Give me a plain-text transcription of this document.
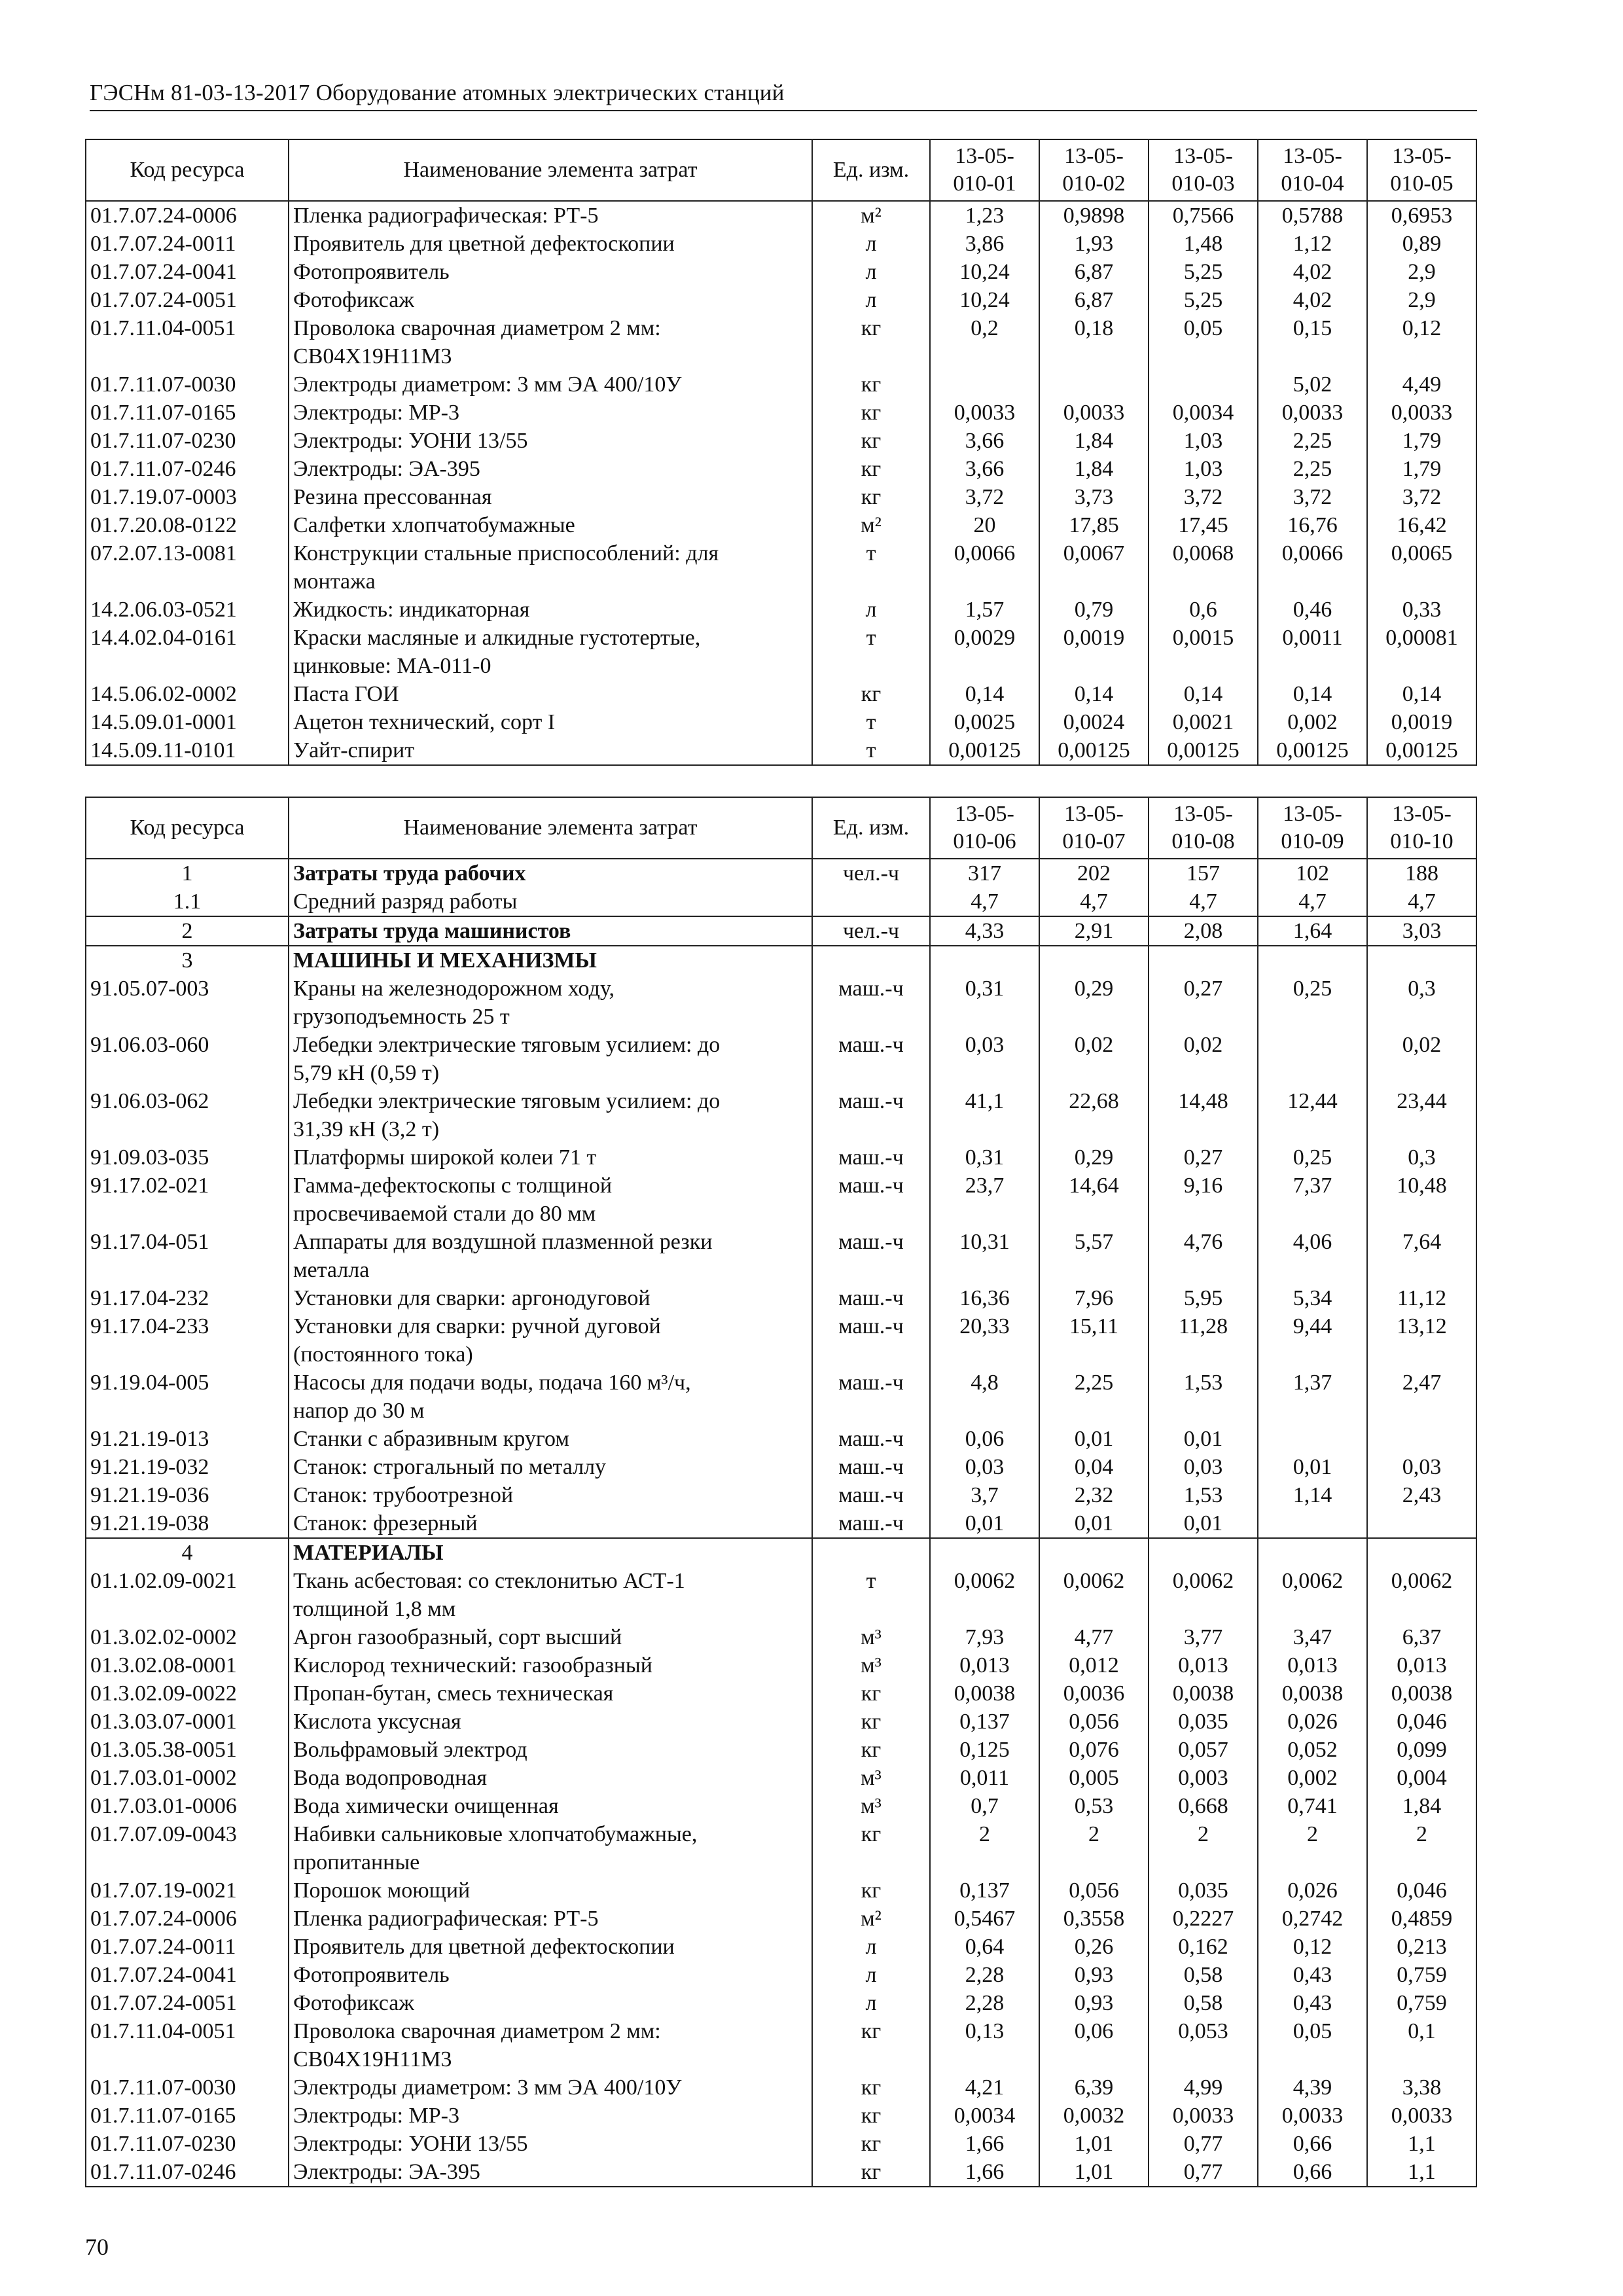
ГЭСНм 81-03-13-2017 Оборудование атомных электрических станций
Код ресурса	Наименование элемента затрат	Ед. изм.	13-05-
010-01	13-05-
010-02	13-05-
010-03	13-05-
010-04	13-05-
010-05
01.7.07.24-0006	Пленка радиографическая: РТ-5	м²	1,23	0,9898	0,7566	0,5788	0,6953
01.7.07.24-0011	Проявитель для цветной дефектоскопии	л	3,86	1,93	1,48	1,12	0,89
01.7.07.24-0041	Фотопроявитель	л	10,24	6,87	5,25	4,02	2,9
01.7.07.24-0051	Фотофиксаж	л	10,24	6,87	5,25	4,02	2,9
01.7.11.04-0051	Проволока сварочная диаметром 2 мм:
СВ04Х19Н11М3	кг	0,2	0,18	0,05	0,15	0,12
01.7.11.07-0030	Электроды диаметром: 3 мм ЭА 400/10У	кг				5,02	4,49
01.7.11.07-0165	Электроды: МР-3	кг	0,0033	0,0033	0,0034	0,0033	0,0033
01.7.11.07-0230	Электроды: УОНИ 13/55	кг	3,66	1,84	1,03	2,25	1,79
01.7.11.07-0246	Электроды: ЭА-395	кг	3,66	1,84	1,03	2,25	1,79
01.7.19.07-0003	Резина прессованная	кг	3,72	3,73	3,72	3,72	3,72
01.7.20.08-0122	Салфетки хлопчатобумажные	м²	20	17,85	17,45	16,76	16,42
07.2.07.13-0081	Конструкции стальные приспособлений: для
монтажа	т	0,0066	0,0067	0,0068	0,0066	0,0065
14.2.06.03-0521	Жидкость: индикаторная	л	1,57	0,79	0,6	0,46	0,33
14.4.02.04-0161	Краски масляные и алкидные густотертые,
цинковые: МА-011-0	т	0,0029	0,0019	0,0015	0,0011	0,00081
14.5.06.02-0002	Паста ГОИ	кг	0,14	0,14	0,14	0,14	0,14
14.5.09.01-0001	Ацетон технический, сорт I	т	0,0025	0,0024	0,0021	0,002	0,0019
14.5.09.11-0101	Уайт-спирит	т	0,00125	0,00125	0,00125	0,00125	0,00125
Код ресурса	Наименование элемента затрат	Ед. изм.	13-05-
010-06	13-05-
010-07	13-05-
010-08	13-05-
010-09	13-05-
010-10
1	Затраты труда рабочих	чел.-ч	317	202	157	102	188
1.1	Средний разряд работы		4,7	4,7	4,7	4,7	4,7
2	Затраты труда машинистов	чел.-ч	4,33	2,91	2,08	1,64	3,03
3	МАШИНЫ И МЕХАНИЗМЫ						

91.05.07-003	Краны на железнодорожном ходу,
грузоподъемность 25 т	маш.-ч	0,31	0,29	0,27	0,25	0,3
91.06.03-060	Лебедки электрические тяговым усилием: до
5,79 кН (0,59 т)	маш.-ч	0,03	0,02	0,02		0,02
91.06.03-062	Лебедки электрические тяговым усилием: до
31,39 кН (3,2 т)	маш.-ч	41,1	22,68	14,48	12,44	23,44
91.09.03-035	Платформы широкой колеи 71 т	маш.-ч	0,31	0,29	0,27	0,25	0,3
91.17.02-021	Гамма-дефектоскопы с толщиной
просвечиваемой стали до 80 мм	маш.-ч	23,7	14,64	9,16	7,37	10,48
91.17.04-051	Аппараты для воздушной плазменной резки
металла	маш.-ч	10,31	5,57	4,76	4,06	7,64
91.17.04-232	Установки для сварки: аргонодуговой	маш.-ч	16,36	7,96	5,95	5,34	11,12
91.17.04-233	Установки для сварки: ручной дуговой
(постоянного тока)	маш.-ч	20,33	15,11	11,28	9,44	13,12
91.19.04-005	Насосы для подачи воды, подача 160 м³/ч,
напор до 30 м	маш.-ч	4,8	2,25	1,53	1,37	2,47
91.21.19-013	Станки с абразивным кругом	маш.-ч	0,06	0,01	0,01		
91.21.19-032	Станок: строгальный по металлу	маш.-ч	0,03	0,04	0,03	0,01	0,03
91.21.19-036	Станок: трубоотрезной	маш.-ч	3,7	2,32	1,53	1,14	2,43
91.21.19-038	Станок: фрезерный	маш.-ч	0,01	0,01	0,01		
4	МАТЕРИАЛЫ						

01.1.02.09-0021	Ткань асбестовая: со стеклонитью АСТ-1
толщиной 1,8 мм	т	0,0062	0,0062	0,0062	0,0062	0,0062
01.3.02.02-0002	Аргон газообразный, сорт высший	м³	7,93	4,77	3,77	3,47	6,37
01.3.02.08-0001	Кислород технический: газообразный	м³	0,013	0,012	0,013	0,013	0,013
01.3.02.09-0022	Пропан-бутан, смесь техническая	кг	0,0038	0,0036	0,0038	0,0038	0,0038
01.3.03.07-0001	Кислота уксусная	кг	0,137	0,056	0,035	0,026	0,046
01.3.05.38-0051	Вольфрамовый электрод	кг	0,125	0,076	0,057	0,052	0,099
01.7.03.01-0002	Вода водопроводная	м³	0,011	0,005	0,003	0,002	0,004
01.7.03.01-0006	Вода химически очищенная	м³	0,7	0,53	0,668	0,741	1,84
01.7.07.09-0043	Набивки сальниковые хлопчатобумажные,
пропитанные	кг	2	2	2	2	2
01.7.07.19-0021	Порошок моющий	кг	0,137	0,056	0,035	0,026	0,046
01.7.07.24-0006	Пленка радиографическая: РТ-5	м²	0,5467	0,3558	0,2227	0,2742	0,4859
01.7.07.24-0011	Проявитель для цветной дефектоскопии	л	0,64	0,26	0,162	0,12	0,213
01.7.07.24-0041	Фотопроявитель	л	2,28	0,93	0,58	0,43	0,759
01.7.07.24-0051	Фотофиксаж	л	2,28	0,93	0,58	0,43	0,759
01.7.11.04-0051	Проволока сварочная диаметром 2 мм:
СВ04Х19Н11М3	кг	0,13	0,06	0,053	0,05	0,1
01.7.11.07-0030	Электроды диаметром: 3 мм ЭА 400/10У	кг	4,21	6,39	4,99	4,39	3,38
01.7.11.07-0165	Электроды: МР-3	кг	0,0034	0,0032	0,0033	0,0033	0,0033
01.7.11.07-0230	Электроды: УОНИ 13/55	кг	1,66	1,01	0,77	0,66	1,1
01.7.11.07-0246	Электроды: ЭА-395	кг	1,66	1,01	0,77	0,66	1,1
70
